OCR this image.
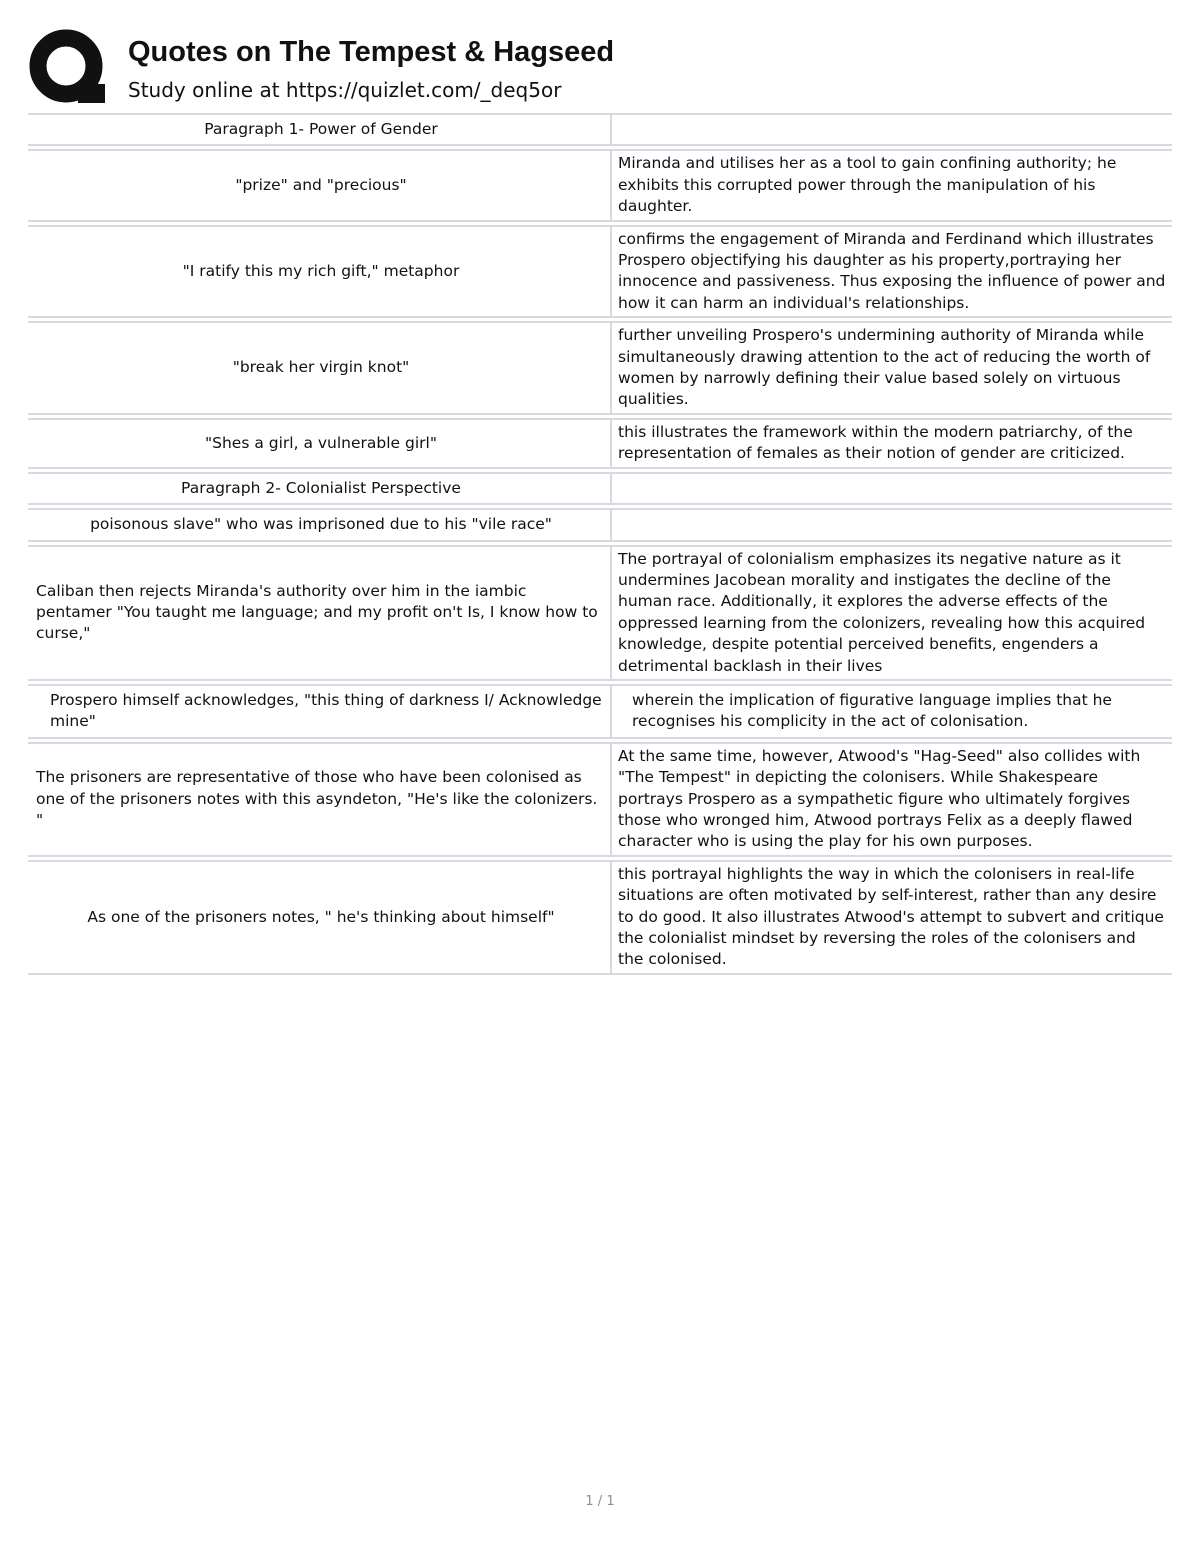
Quotes on The Tempest & Hagseed

Study online at https://quizlet.com/_deq5or

Paragraph 1- Power of Gender	

"prize" and "precious"	Miranda and utilises her as a tool to gain confining authority; he exhibits this corrupted power through the manipulation of his daughter.

"I ratify this my rich gift," metaphor	confirms the engagement of Miranda and Ferdinand which illustrates Prospero objectifying his daughter as his property,portraying her innocence and passiveness. Thus exposing the influence of power and how it can harm an individual's relationships.

"break her virgin knot"	further unveiling Prospero's undermining authority of Miranda while simultaneously drawing attention to the act of reducing the worth of women by narrowly defining their value based solely on virtuous qualities.

"Shes a girl, a vulnerable girl"	this illustrates the framework within the modern patriarchy, of the representation of females as their notion of gender are criticized.

Paragraph 2- Colonialist Perspective	

poisonous slave" who was imprisoned due to his "vile race"	

Caliban then rejects Miranda's authority over him in the iambic pentamer "You taught me language; and my profit on't Is, I know how to curse,"	The portrayal of colonialism emphasizes its negative nature as it undermines Jacobean morality and instigates the decline of the human race. Additionally, it explores the adverse effects of the oppressed learning from the colonizers, revealing how this acquired knowledge, despite potential perceived benefits, engenders a detrimental backlash in their lives

Prospero himself acknowledges, "this thing of darkness I/ Acknowledge mine"	wherein the implication of figurative language implies that he recognises his complicity in the act of colonisation.

The prisoners are representative of those who have been colonised as one of the prisoners notes with this asyndeton, "He's like the colonizers. "	At the same time, however, Atwood's "Hag-Seed" also collides with "The Tempest" in depicting the colonisers. While Shakespeare portrays Prospero as a sympathetic figure who ultimately forgives those who wronged him, Atwood portrays Felix as a deeply flawed character who is using the play for his own purposes.

As one of the prisoners notes, " he's thinking about himself"	this portrayal highlights the way in which the colonisers in real-life situations are often motivated by self-interest, rather than any desire to do good. It also illustrates Atwood's attempt to subvert and critique the colonialist mindset by reversing the roles of the colonisers and the colonised.
1 / 1
